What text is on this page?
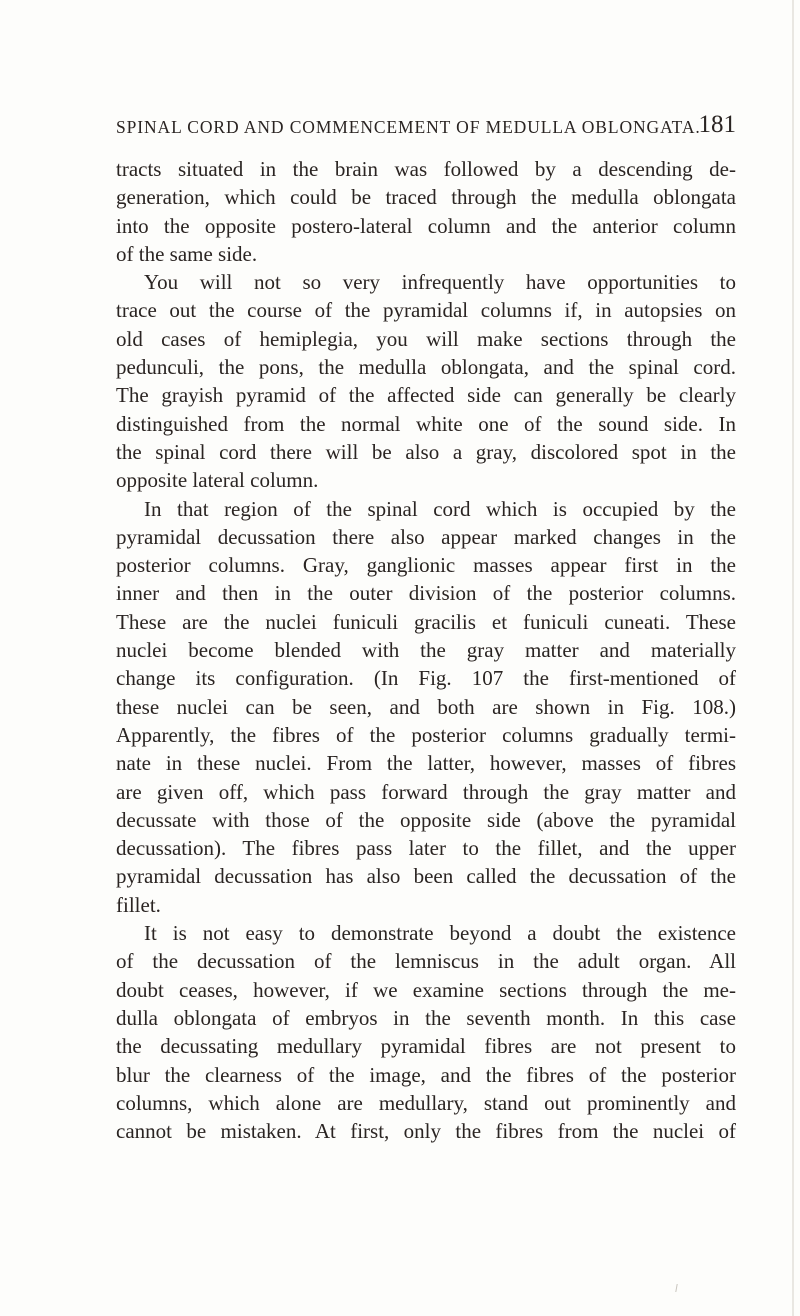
SPINAL CORD AND COMMENCEMENT OF MEDULLA OBLONGATA.
181

tracts situated in the brain was followed by a descending de-
generation, which could be traced through the medulla oblongata
into the opposite postero-lateral column and the anterior column
of the same side.

You will not so very infrequently have opportunities to
trace out the course of the pyramidal columns if, in autopsies on
old cases of hemiplegia, you will make sections through the
pedunculi, the pons, the medulla oblongata, and the spinal cord.
The grayish pyramid of the affected side can generally be clearly
distinguished from the normal white one of the sound side. In
the spinal cord there will be also a gray, discolored spot in the
opposite lateral column.

In that region of the spinal cord which is occupied by the
pyramidal decussation there also appear marked changes in the
posterior columns. Gray, ganglionic masses appear first in the
inner and then in the outer division of the posterior columns.
These are the nuclei funiculi gracilis et funiculi cuneati. These
nuclei become blended with the gray matter and materially
change its configuration. (In Fig. 107 the first-mentioned of
these nuclei can be seen, and both are shown in Fig. 108.)
Apparently, the fibres of the posterior columns gradually termi-
nate in these nuclei. From the latter, however, masses of fibres
are given off, which pass forward through the gray matter and
decussate with those of the opposite side (above the pyramidal
decussation). The fibres pass later to the fillet, and the upper
pyramidal decussation has also been called the decussation of the
fillet.

It is not easy to demonstrate beyond a doubt the existence
of the decussation of the lemniscus in the adult organ. All
doubt ceases, however, if we examine sections through the me-
dulla oblongata of embryos in the seventh month. In this case
the decussating medullary pyramidal fibres are not present to
blur the clearness of the image, and the fibres of the posterior
columns, which alone are medullary, stand out prominently and
cannot be mistaken. At first, only the fibres from the nuclei of
